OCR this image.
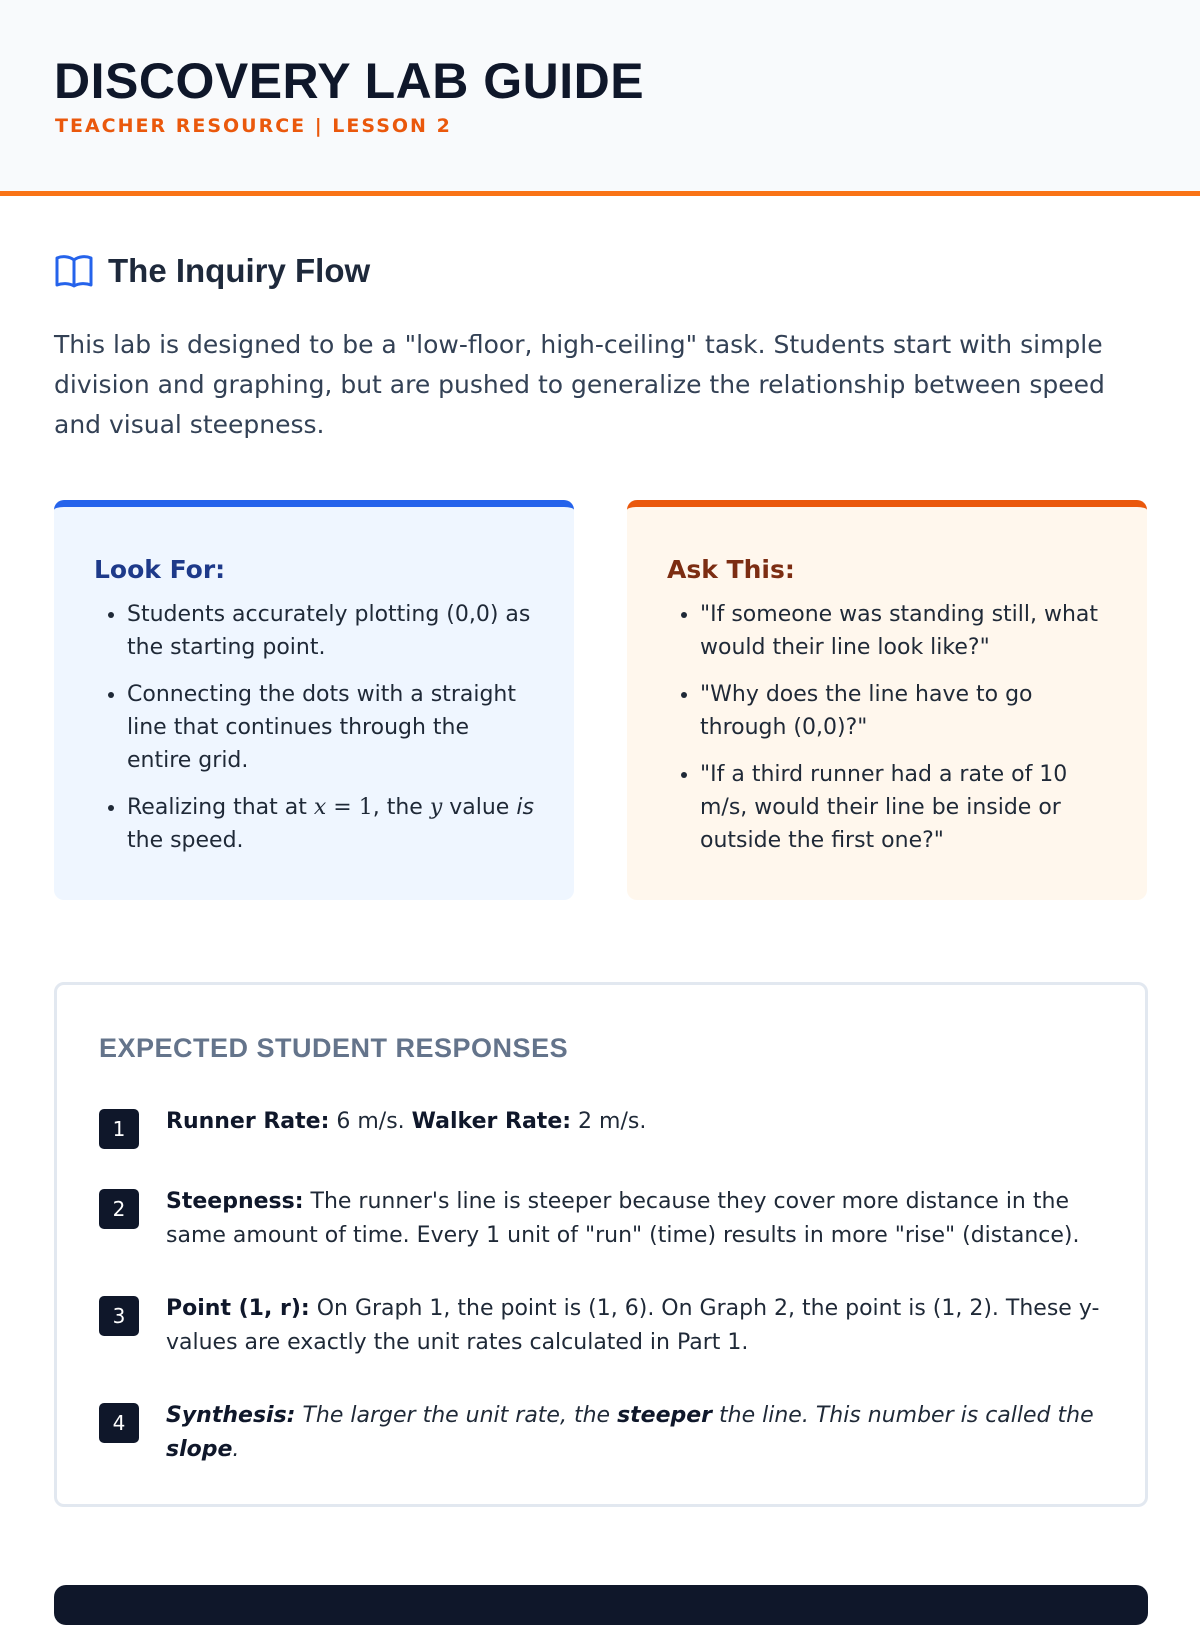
DISCOVERY LAB GUIDE
TEACHER RESOURCE | LESSON 2
The Inquiry Flow

This lab is designed to be a "low-floor, high-ceiling" task. Students start with simple division and graphing, but are pushed to generalize the relationship between speed and visual steepness.

Look For:
• Students accurately plotting (0,0) as the starting point.
• Connecting the dots with a straight line that continues through the entire grid.
• Realizing that at x = 1, the y value is the speed.
Ask This:
• "If someone was standing still, what would their line look like?"
• "Why does the line have to go through (0,0)?"
• "If a third runner had a rate of 10 m/s, would their line be inside or outside the first one?"
EXPECTED STUDENT RESPONSES
1	Runner Rate: 6 m/s. Walker Rate: 2 m/s.
2	Steepness: The runner's line is steeper because they cover more distance in the same amount of time. Every 1 unit of "run" (time) results in more "rise" (distance).
3	Point (1, r): On Graph 1, the point is (1, 6). On Graph 2, the point is (1, 2). These y-values are exactly the unit rates calculated in Part 1.
4	Synthesis: The larger the unit rate, the steeper the line. This number is called the slope.
